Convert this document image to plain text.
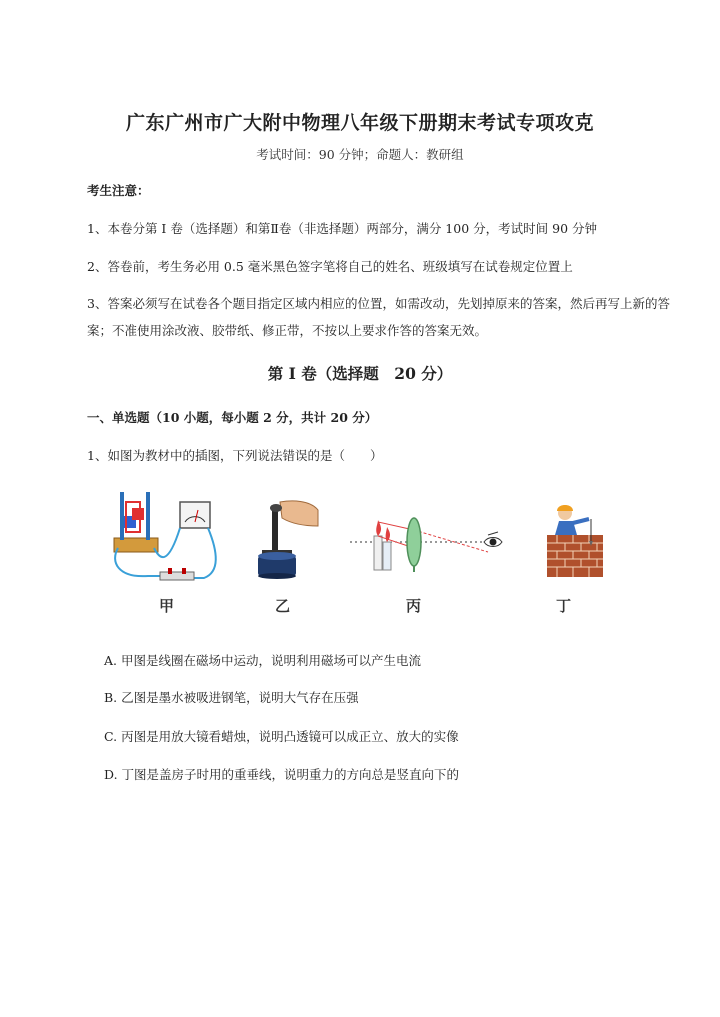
广东广州市广大附中物理八年级下册期末考试专项攻克
考试时间：90 分钟；命题人：教研组
考生注意：
1、本卷分第 I 卷（选择题）和第Ⅱ卷（非选择题）两部分，满分 100 分，考试时间 90 分钟
2、答卷前，考生务必用 0.5 毫米黑色签字笔将自己的姓名、班级填写在试卷规定位置上
3、答案必须写在试卷各个题目指定区域内相应的位置，如需改动，先划掉原来的答案，然后再写上新的答案；不准使用涂改液、胶带纸、修正带，不按以上要求作答的答案无效。
第 I 卷（选择题　20 分）
一、单选题（10 小题，每小题 2 分，共计 20 分）
1、如图为教材中的插图，下列说法错误的是（　　）
甲	乙	丙	丁
A. 甲图是线圈在磁场中运动，说明利用磁场可以产生电流
B. 乙图是墨水被吸进钢笔，说明大气存在压强
C. 丙图是用放大镜看蜡烛，说明凸透镜可以成正立、放大的实像
D. 丁图是盖房子时用的重垂线，说明重力的方向总是竖直向下的
